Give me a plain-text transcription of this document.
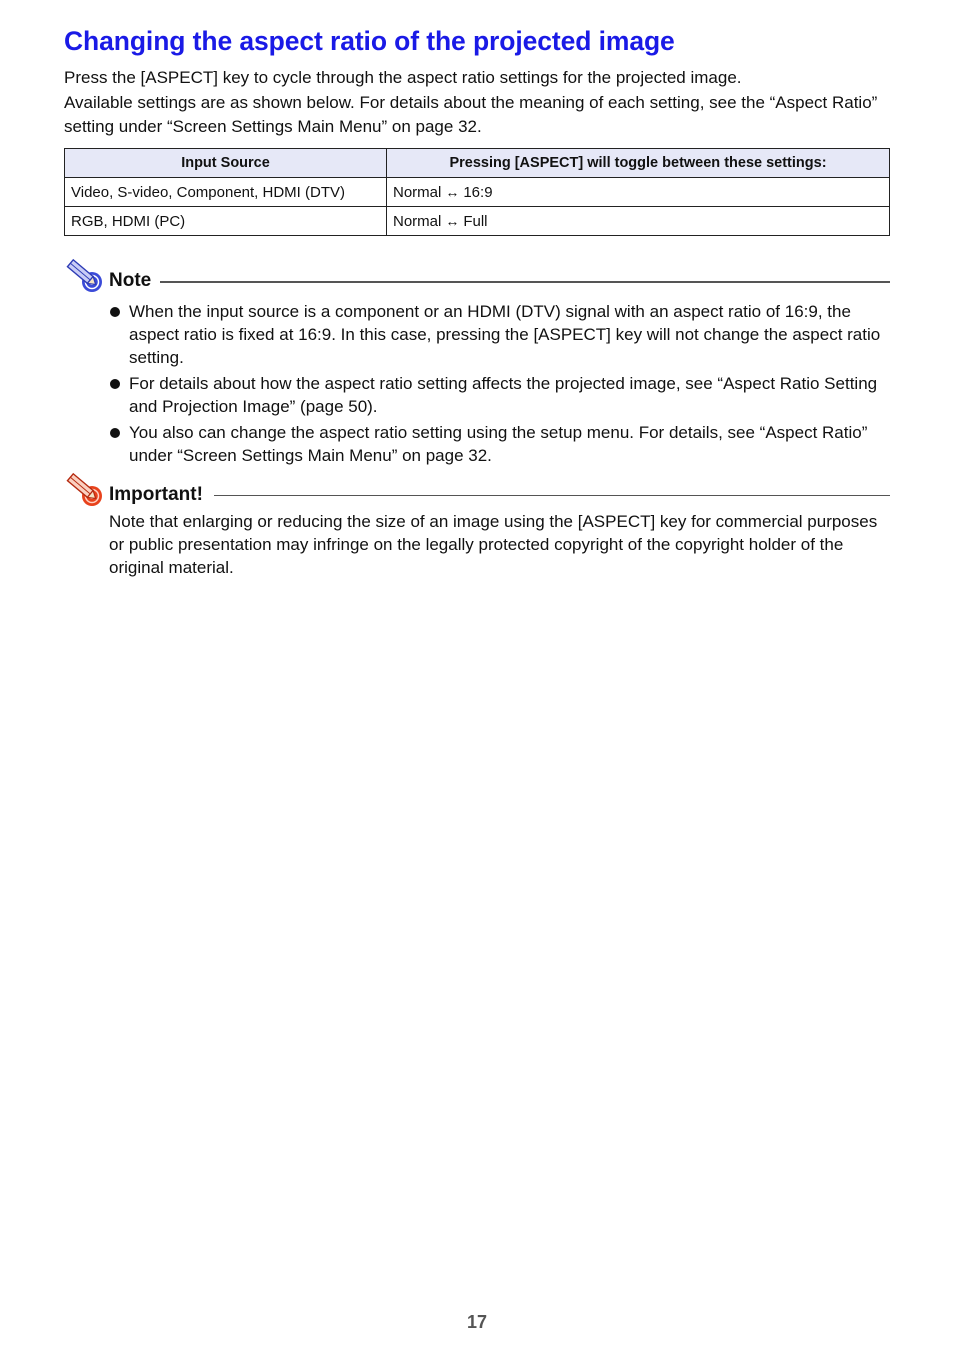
Changing the aspect ratio of the projected image

Press the [ASPECT] key to cycle through the aspect ratio settings for the projected image.

Available settings are as shown below. For details about the meaning of each setting, see the “Aspect Ratio” setting under “Screen Settings Main Menu” on page 32.

Input Source	Pressing [ASPECT] will toggle between these settings:
Video, S-video, Component, HDMI (DTV)	Normal ↔ 16:9
RGB, HDMI (PC)	Normal ↔ Full
Note
When the input source is a component or an HDMI (DTV) signal with an aspect ratio of 16:9, the aspect ratio is fixed at 16:9. In this case, pressing the [ASPECT] key will not change the aspect ratio setting.
For details about how the aspect ratio setting affects the projected image, see “Aspect Ratio Setting and Projection Image” (page 50).
You also can change the aspect ratio setting using the setup menu. For details, see “Aspect Ratio” under “Screen Settings Main Menu” on page 32.
Important!

Note that enlarging or reducing the size of an image using the [ASPECT] key for commercial purposes or public presentation may infringe on the legally protected copyright of the copyright holder of the original material.

17
